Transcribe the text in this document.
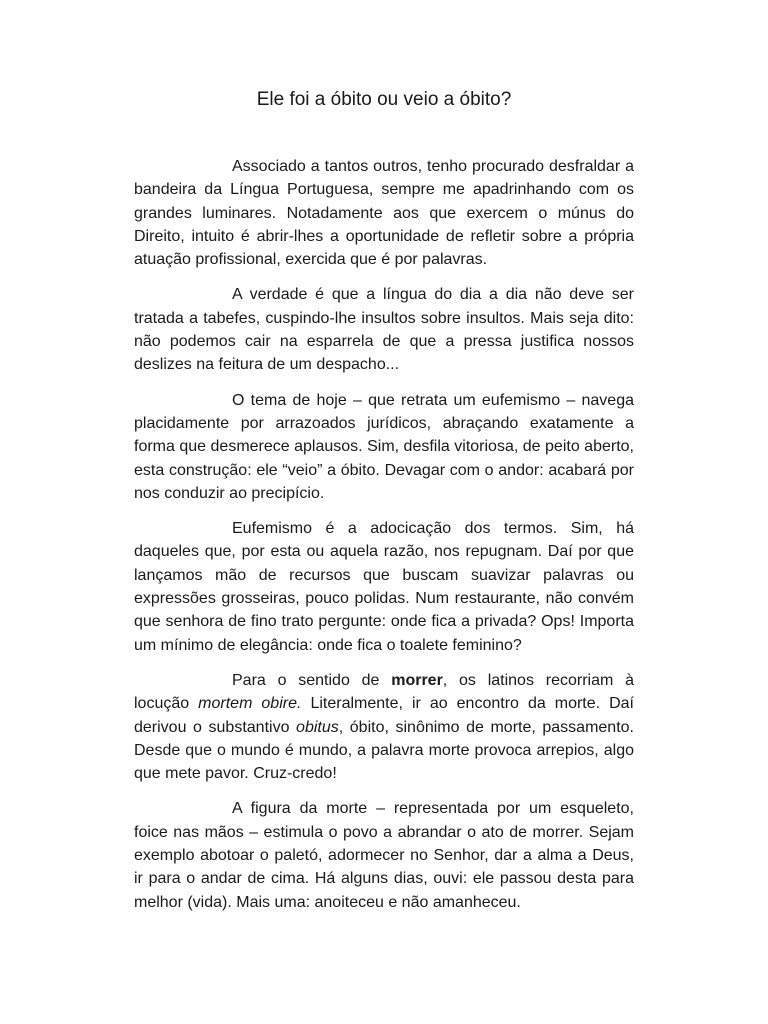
Ele foi a óbito ou veio a óbito?

Associado a tantos outros, tenho procurado desfraldar a bandeira da Língua Portuguesa, sempre me apadrinhando com os grandes luminares. Notadamente aos que exercem o múnus do Direito, intuito é abrir-lhes a oportunidade de refletir sobre a própria atuação profissional, exercida que é por palavras.

A verdade é que a língua do dia a dia não deve ser tratada a tabefes, cuspindo-lhe insultos sobre insultos. Mais seja dito: não podemos cair na esparrela de que a pressa justifica nossos deslizes na feitura de um despacho...

O tema de hoje – que retrata um eufemismo – navega placidamente por arrazoados jurídicos, abraçando exatamente a forma que desmerece aplausos. Sim, desfila vitoriosa, de peito aberto, esta construção: ele “veio” a óbito. Devagar com o andor: acabará por nos conduzir ao precipício.

Eufemismo é a adocicação dos termos. Sim, há daqueles que, por esta ou aquela razão, nos repugnam. Daí por que lançamos mão de recursos que buscam suavizar palavras ou expressões grosseiras, pouco polidas. Num restaurante, não convém que senhora de fino trato pergunte: onde fica a privada? Ops! Importa um mínimo de elegância: onde fica o toalete feminino?

Para o sentido de morrer, os latinos recorriam à locução mortem obire. Literalmente, ir ao encontro da morte. Daí derivou o substantivo obitus, óbito, sinônimo de morte, passamento. Desde que o mundo é mundo, a palavra morte provoca arrepios, algo que mete pavor. Cruz-credo!

A figura da morte – representada por um esqueleto, foice nas mãos – estimula o povo a abrandar o ato de morrer. Sejam exemplo abotoar o paletó, adormecer no Senhor, dar a alma a Deus, ir para o andar de cima. Há alguns dias, ouvi: ele passou desta para melhor (vida). Mais uma: anoiteceu e não amanheceu.
